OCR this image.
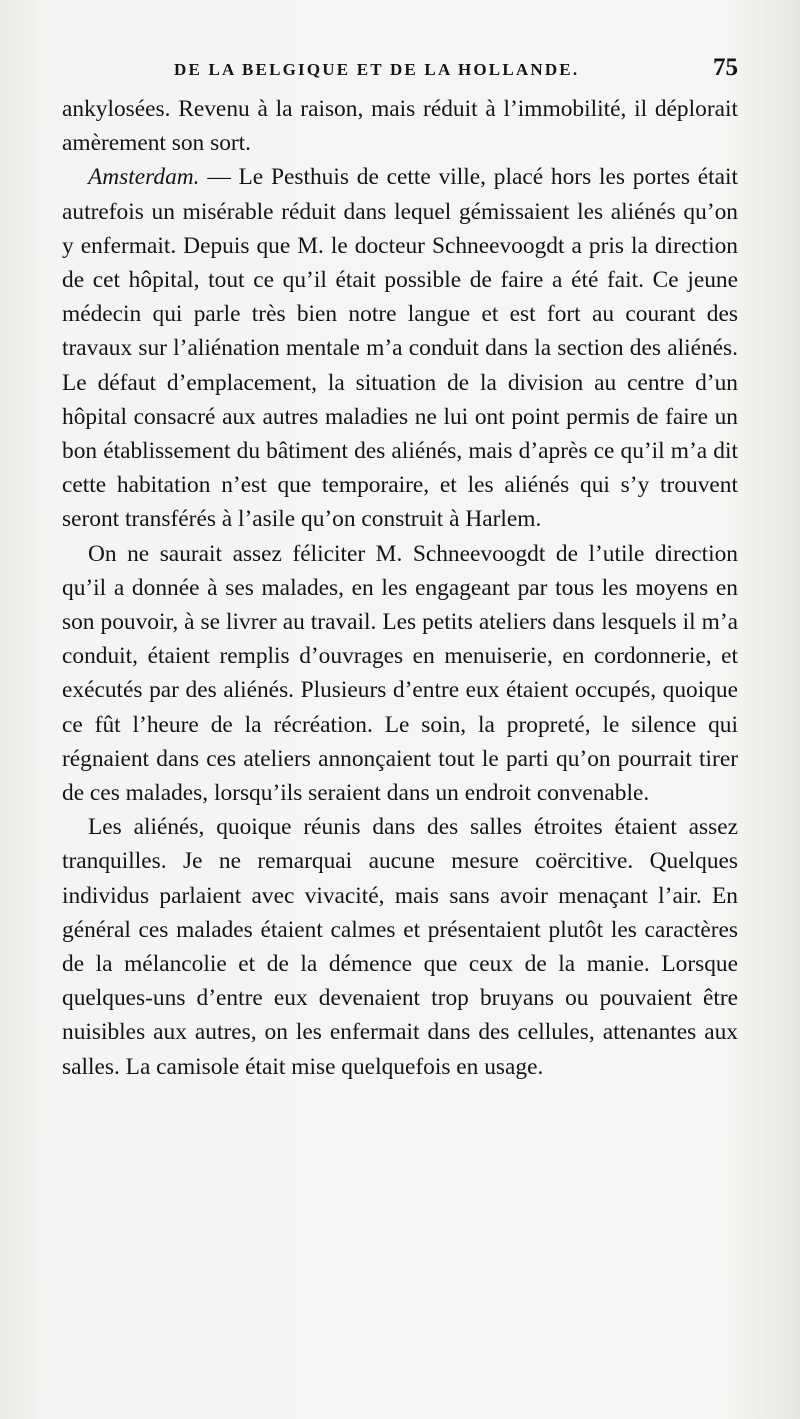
DE LA BELGIQUE ET DE LA HOLLANDE.	75

ankylosées. Revenu à la raison, mais réduit à l’immobilité, il déplorait amèrement son sort.

Amsterdam. — Le Pesthuis de cette ville, placé hors les portes était autrefois un misérable réduit dans lequel gémissaient les aliénés qu’on y enfermait. Depuis que M. le docteur Schneevoogdt a pris la direction de cet hôpital, tout ce qu’il était possible de faire a été fait. Ce jeune médecin qui parle très bien notre langue et est fort au courant des travaux sur l’aliénation mentale m’a conduit dans la section des aliénés. Le défaut d’emplacement, la situation de la division au centre d’un hôpital consacré aux autres maladies ne lui ont point permis de faire un bon établissement du bâtiment des aliénés, mais d’après ce qu’il m’a dit cette habitation n’est que temporaire, et les aliénés qui s’y trouvent seront transférés à l’asile qu’on construit à Harlem.

On ne saurait assez féliciter M. Schneevoogdt de l’utile direction qu’il a donnée à ses malades, en les engageant par tous les moyens en son pouvoir, à se livrer au travail. Les petits ateliers dans lesquels il m’a conduit, étaient remplis d’ouvrages en menuiserie, en cordonnerie, et exécutés par des aliénés. Plusieurs d’entre eux étaient occupés, quoique ce fût l’heure de la récréation. Le soin, la propreté, le silence qui régnaient dans ces ateliers annonçaient tout le parti qu’on pourrait tirer de ces malades, lorsqu’ils seraient dans un endroit convenable.

Les aliénés, quoique réunis dans des salles étroites étaient assez tranquilles. Je ne remarquai aucune mesure coërcitive. Quelques individus parlaient avec vivacité, mais sans avoir menaçant l’air. En général ces malades étaient calmes et présentaient plutôt les caractères de la mélancolie et de la démence que ceux de la manie. Lorsque quelques-uns d’entre eux devenaient trop bruyans ou pouvaient être nuisibles aux autres, on les enfermait dans des cellules, attenantes aux salles. La camisole était mise quelquefois en usage.
